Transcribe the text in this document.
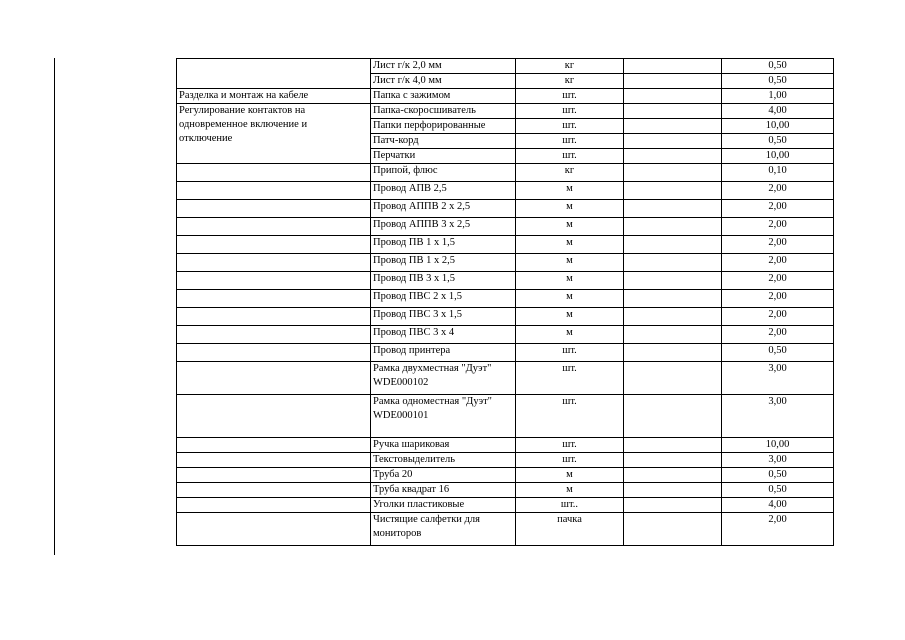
	Лист г/к 2,0 мм	кг		0,50
	Лист г/к 4,0 мм	кг		0,50
Разделка и монтаж на кабеле	Папка с зажимом	шт.		1,00

Регулирование контактов на
одновременное включение и
отключение	Папка-скоросшиватель	шт.		4,00
	Папки перфорированные	шт.		10,00
	Патч-корд	шт.		0,50
	Перчатки	шт.		10,00
	Припой, флюс	кг		0,10
	Провод АПВ 2,5	м		2,00
	Провод АППВ 2 х 2,5	м		2,00
	Провод АППВ 3 х 2,5	м		2,00
	Провод ПВ 1 х 1,5	м		2,00
	Провод ПВ 1 х 2,5	м		2,00
	Провод ПВ 3 х 1,5	м		2,00
	Провод ПВС 2 х 1,5	м		2,00
	Провод ПВС 3 х 1,5	м		2,00
	Провод ПВС 3 х 4	м		2,00
	Провод принтера	шт.		0,50
	Рамка двухместная "Дуэт" WDE000102	шт.		3,00
	Рамка одноместная "Дуэт" WDE000101	шт.		3,00
	Ручка шариковая	шт.		10,00
	Текстовыделитель	шт.		3,00
	Труба 20	м		0,50
	Труба квадрат 16	м		0,50
	Уголки пластиковые	шт..		4,00
	Чистящие салфетки для мониторов	пачка		2,00
